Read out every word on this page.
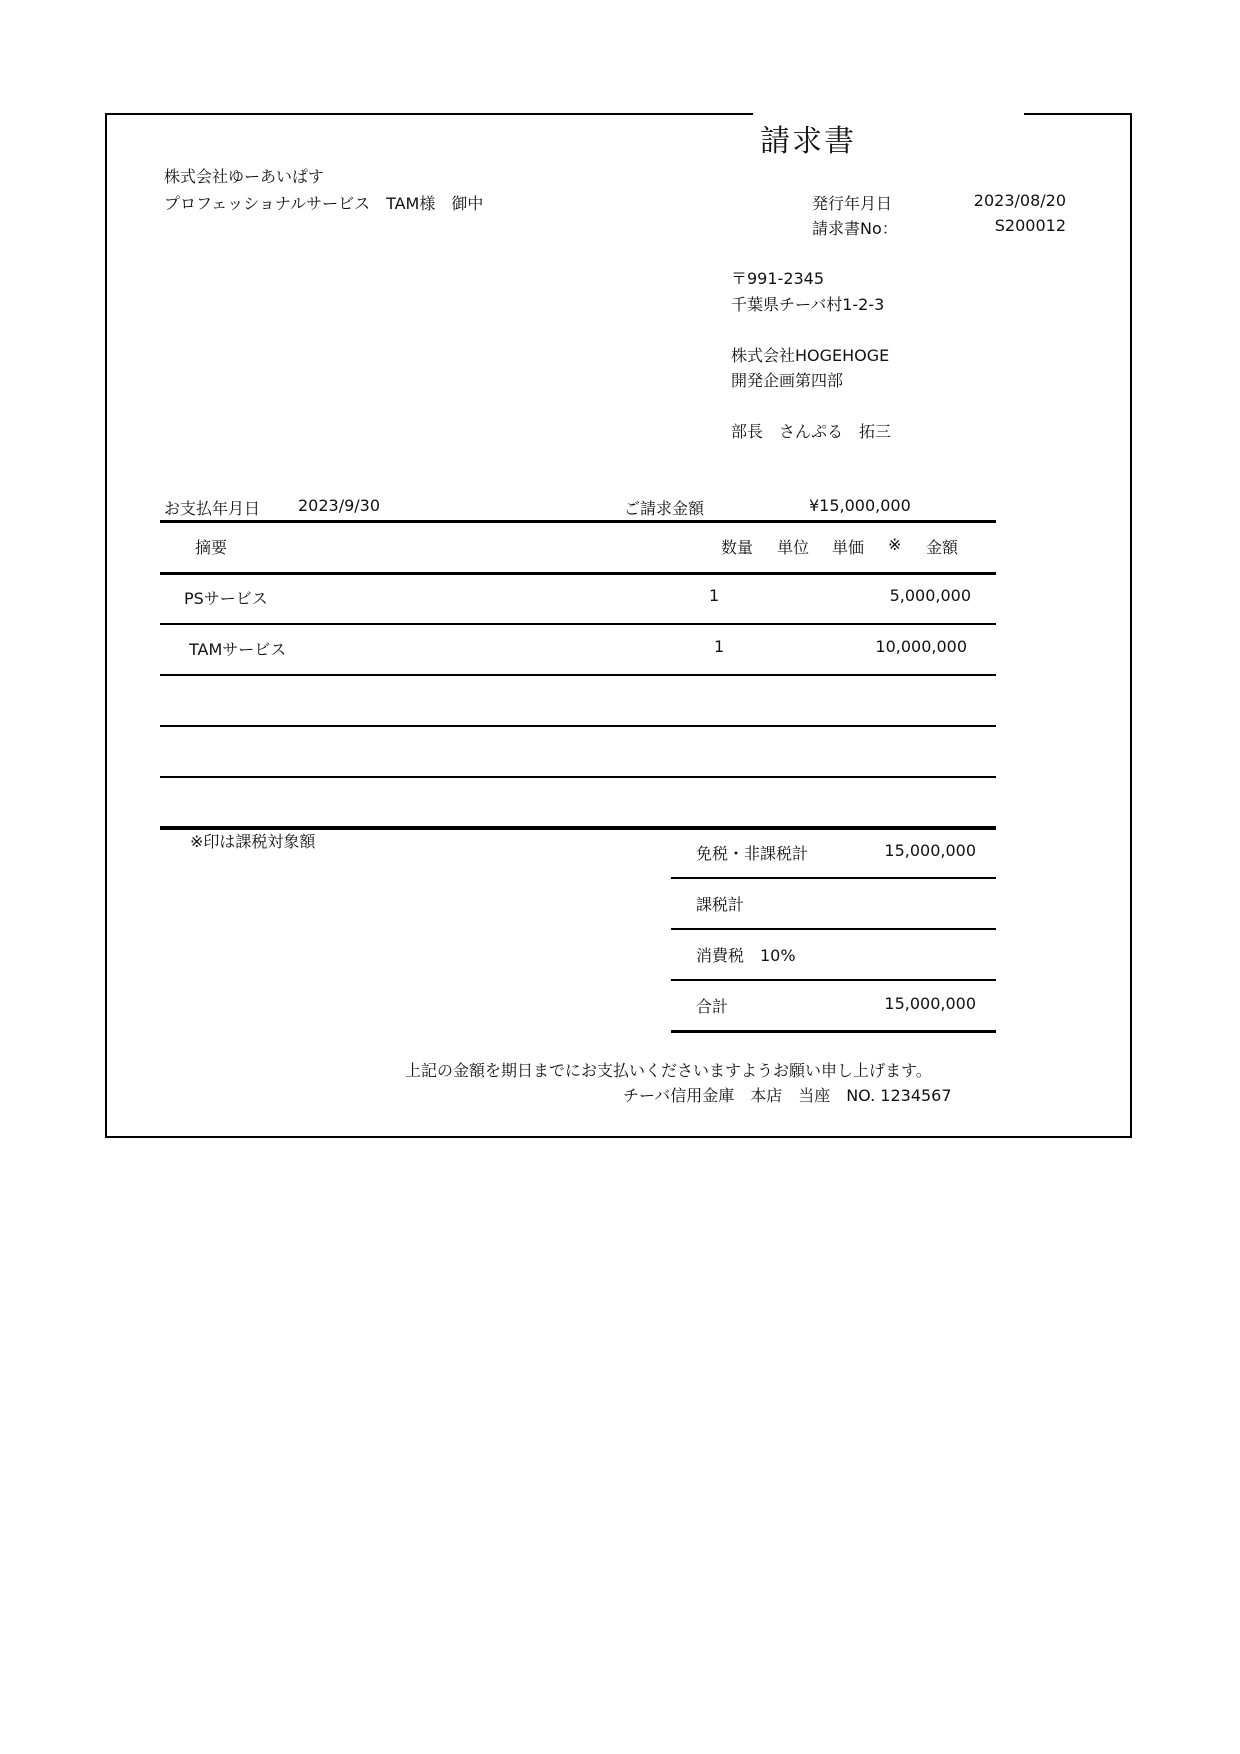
請求書
株式会社ゆーあいぱす
プロフェッショナルサービス　TAM様　御中	発行年月日	2023/08/20
請求書No：	S200012
〒991-2345
千葉県チーバ村1-2-3
株式会社HOGEHOGE
開発企画第四部
部長　さんぷる　拓三
お支払年月日 2023/9/30	ご請求金額	¥15,000,000
摘要	数量 単位 単価 ※ 金額
PSサービス	1	5,000,000
TAMサービス	1	10,000,000
※印は課税対象額
免税・非課税計	15,000,000
課税計
消費税　10%
合計	15,000,000
上記の金額を期日までにお支払いくださいますようお願い申し上げます。
チーバ信用金庫　本店　当座　NO. 1234567
